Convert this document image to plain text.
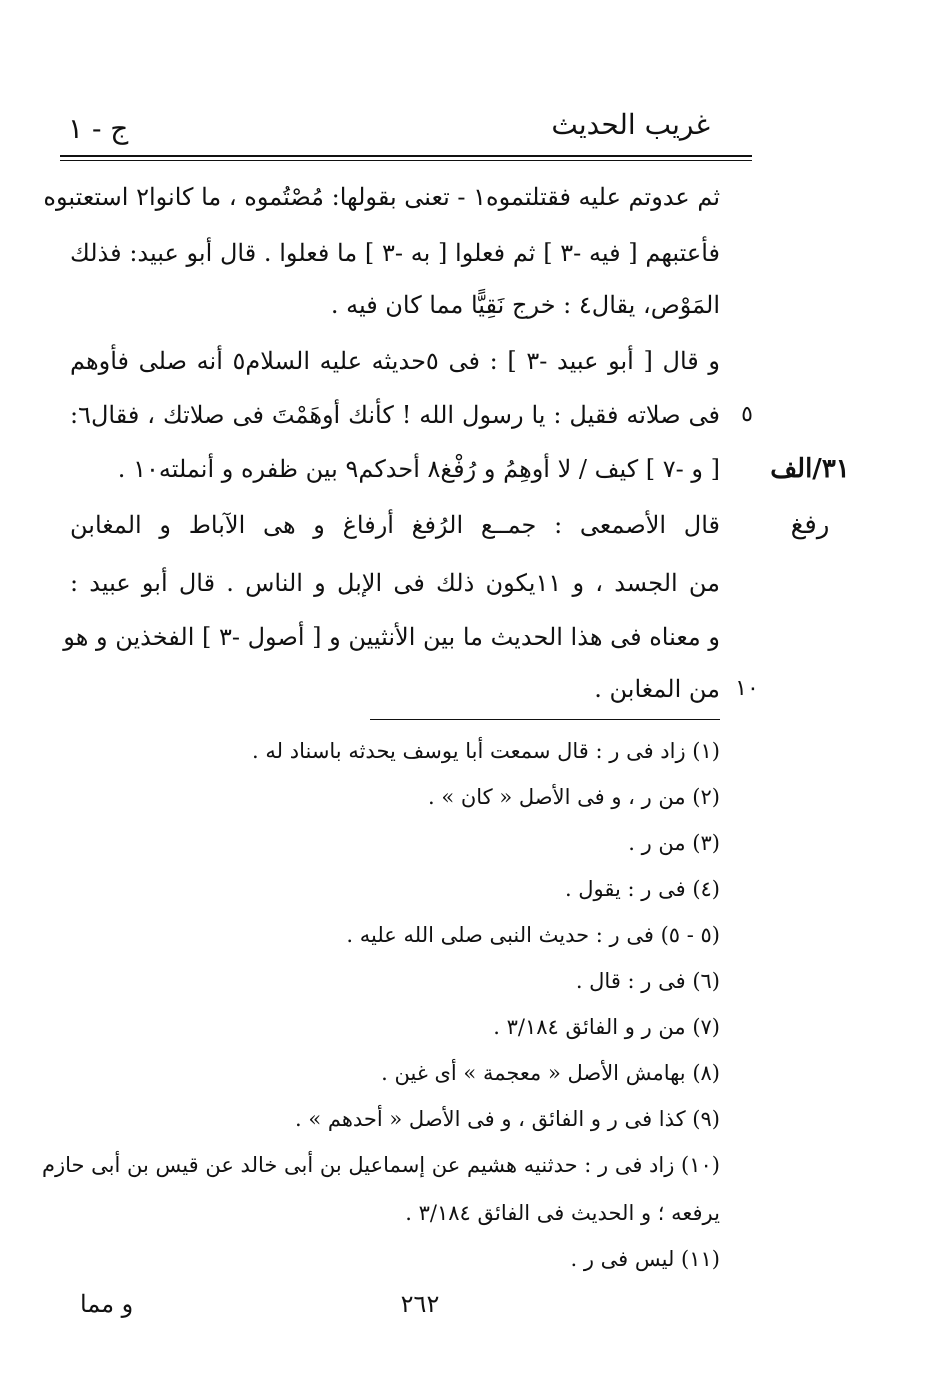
غريب الحديث
ج - ١
ثم عدوتم عليه فقتلتموه١ - تعنى بقولها: مُصْتُموه ، ما كانوا٢ استعتبوه
فأعتبهم [ فيه -٣ ] ثم فعلوا [ به -٣ ] ما فعلوا . قال أبو عبيد: فذلك
المَوْص، يقال٤ : خرج نَقِيًّا مما كان فيه .
و قال [ أبو عبيد -٣ ] : فى ٥حديثه عليه السلام٥ أنه صلى فأوهم
فى صلاته فقيل : يا رسول الله ! كأنك أوهَمْتَ فى صلاتك ، فقال٦: ٥
[ و -٧ ] كيف / لا أوهِمُ و رُفْغ٨ أحدكم٩ بين ظفره و أنملته١٠ . ٣١/الف
قال الأصمعى : جمــع الرُفغ أرفاغ و هى الآباط و المغابن	رفغ
من الجسد ، و ١١يكون ذلك فى الإبل و الناس . قال أبو عبيد :
و معناه فى هذا الحديث ما بين الأنثيين و [ أصول -٣ ] الفخذين و هو
من المغابن . ١٠
(١) زاد فى ر : قال سمعت أبا يوسف يحدثه باسناد له .
(٢) من ر ، و فى الأصل « كان » .
(٣) من ر .
(٤) فى ر : يقول .
(٥ - ٥) فى ر : حديث النبى صلى الله عليه .
(٦) فى ر : قال .
(٧) من ر و الفائق ٣/١٨٤ .
(٨) بهامش الأصل « معجمة » أى غين .
(٩) كذا فى ر و الفائق ، و فى الأصل « أحدهم » .
(١٠) زاد فى ر : حدثنيه هشيم عن إسماعيل بن أبى خالد عن قيس بن أبى حازم
يرفعه ؛ و الحديث فى الفائق ٣/١٨٤ .
(١١) ليس فى ر .
٢٦٢
و مما
